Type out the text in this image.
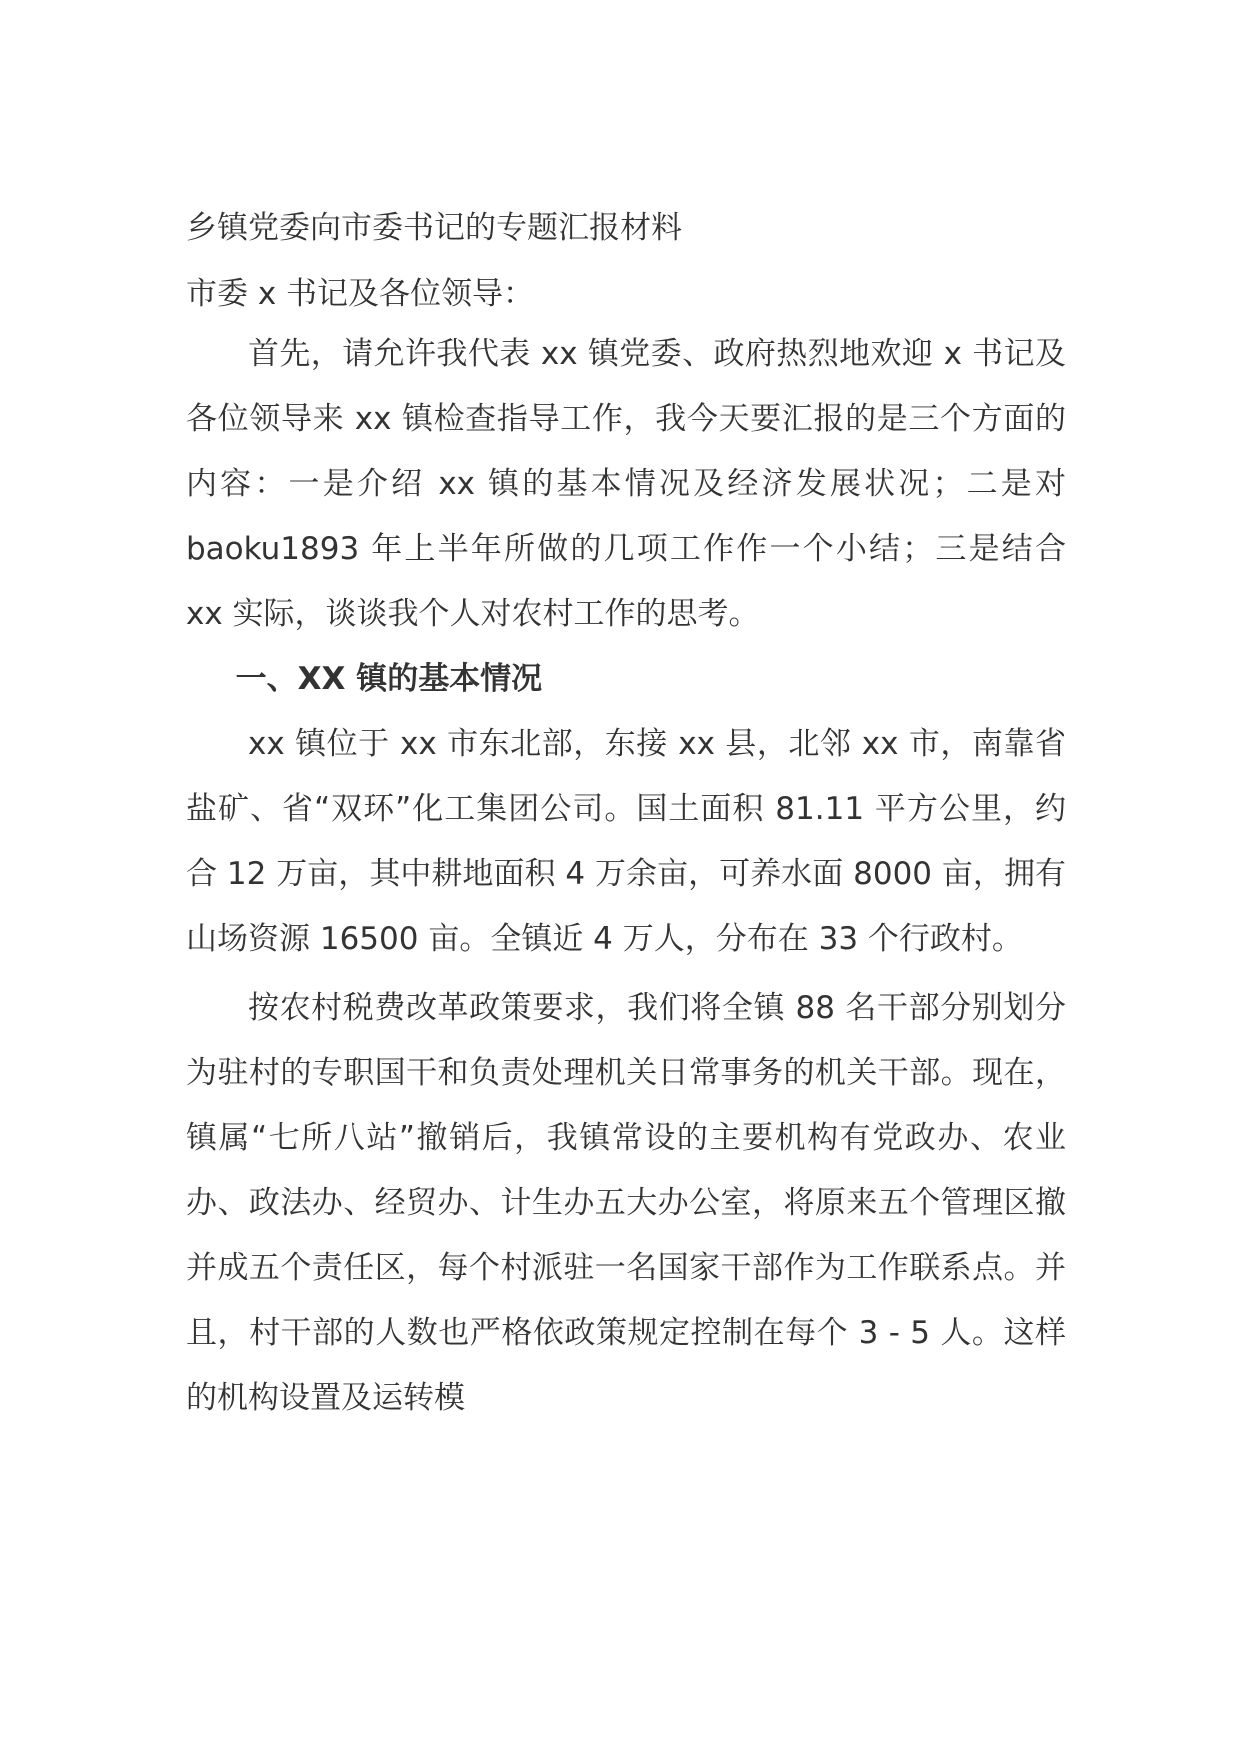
乡镇党委向市委书记的专题汇报材料
市委 x 书记及各位领导：

首先，请允许我代表 xx 镇党委、政府热烈地欢迎 x 书记及各位领导来 xx 镇检查指导工作，我今天要汇报的是三个方面的内容：一是介绍 xx 镇的基本情况及经济发展状况；二是对 baoku1893 年上半年所做的几项工作作一个小结；三是结合 xx 实际，谈谈我个人对农村工作的思考。

一、XX 镇的基本情况

xx 镇位于 xx 市东北部，东接 xx 县，北邻 xx 市，南靠省盐矿、省“双环”化工集团公司。国土面积 81.11 平方公里，约合 12 万亩，其中耕地面积 4 万余亩，可养水面 8000 亩，拥有山场资源 16500 亩。全镇近 4 万人，分布在 33 个行政村。

按农村税费改革政策要求，我们将全镇 88 名干部分别划分为驻村的专职国干和负责处理机关日常事务的机关干部。现在，镇属“七所八站”撤销后，我镇常设的主要机构有党政办、农业办、政法办、经贸办、计生办五大办公室，将原来五个管理区撤并成五个责任区，每个村派驻一名国家干部作为工作联系点。并且，村干部的人数也严格依政策规定控制在每个 3 - 5 人。这样的机构设置及运转模
